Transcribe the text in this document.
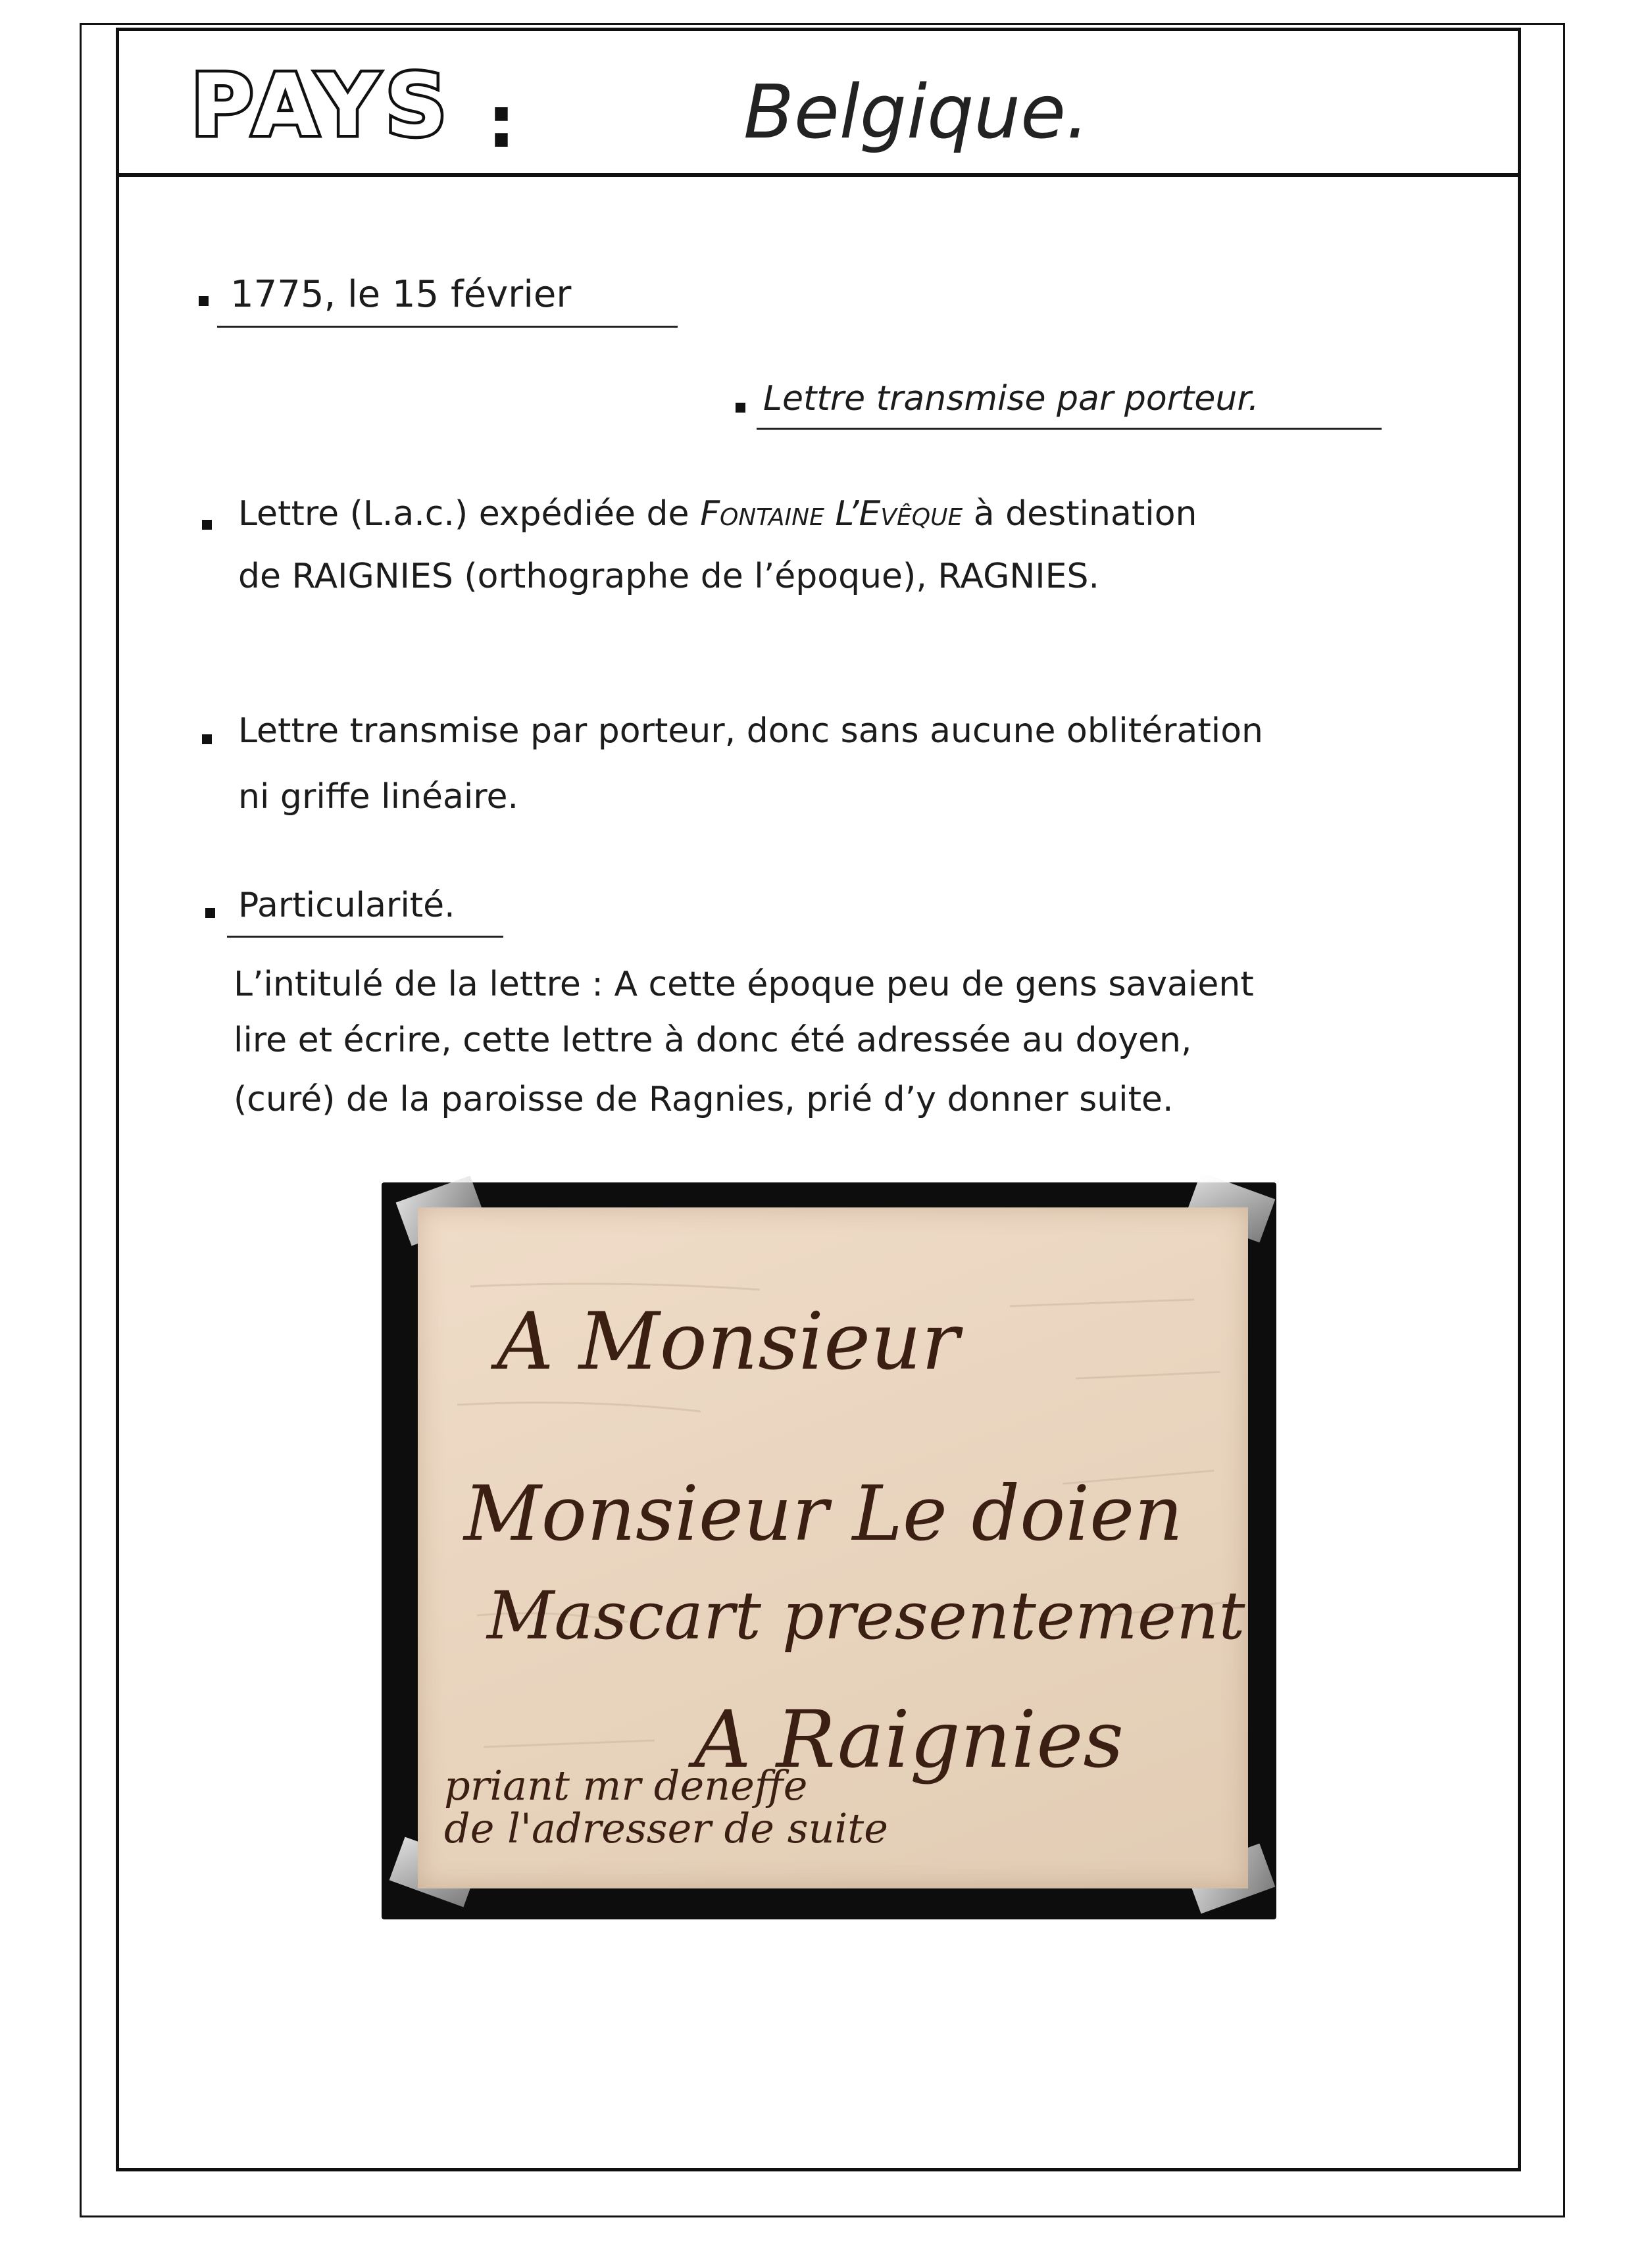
PAYS :	Belgique.
1775, le 15 février
Lettre transmise par porteur.
Lettre (L.a.c.) expédiée de Fontaine L’Evêque à destination
de RAIGNIES (orthographe de l’époque), RAGNIES.
Lettre transmise par porteur, donc sans aucune oblitération
ni griffe linéaire.
Particularité.
L’intitulé de la lettre : A cette époque peu de gens savaient
lire et écrire, cette lettre à donc été adressée au doyen,
(curé) de la paroisse de Ragnies, prié d’y donner suite.
A Monsieur
Monsieur Le doien
Mascart presentement
A Raignies
priant mr deneffe
de l'adresser de suite
